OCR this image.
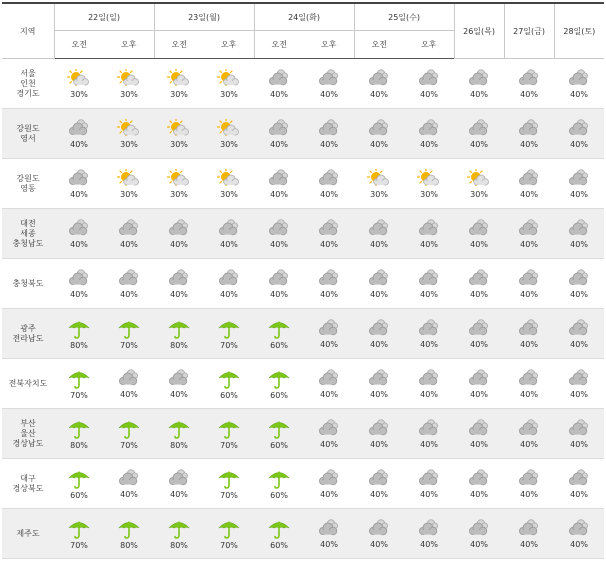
지역	22일(일)		23일(월)		24일(화)		25일(수)		26일(목)	27일(금)	28일(토)
	오전	오후	오전	오후	오전	오후	오전	오후			
서울
인천
경기도	30%	30%	30%	30%	40%	40%	40%	40%	40%	40%	40%

강원도
영서	40%	30%	30%	30%	40%	40%	40%	40%	40%	40%	40%

강원도
영동	40%	30%	30%	30%	40%	40%	30%	30%	30%	40%	40%

대전
세종
충청남도	40%	40%	40%	40%	40%	40%	40%	40%	40%	40%	40%

충청북도	40%	40%	40%	40%	40%	40%	40%	40%	40%	40%	40%

광주
전라남도	80%	70%	80%	70%	60%	40%	40%	40%	40%	40%	40%

전북자치도	70%	40%	40%	60%	60%	40%	40%	40%	40%	40%	40%

부산
울산
경상남도	80%	70%	80%	70%	60%	40%	40%	40%	40%	40%	40%

대구
경상북도	60%	40%	40%	70%	60%	40%	40%	40%	40%	40%	40%

제주도	70%	80%	80%	70%	60%	40%	40%	40%	40%	40%	40%
